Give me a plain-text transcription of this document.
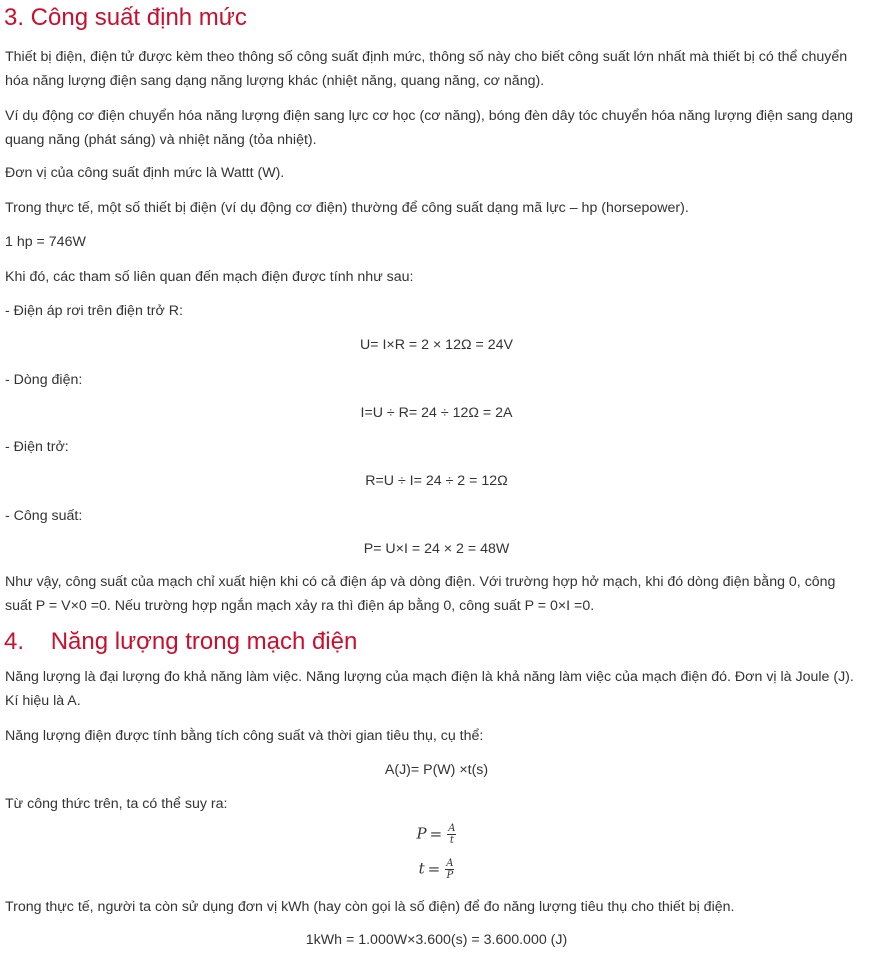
3. Công suất định mức

Thiết bị điện, điện tử được kèm theo thông số công suất định mức, thông số này cho biết công suất lớn nhất mà thiết bị có thể chuyển hóa năng lượng điện sang dạng năng lượng khác (nhiệt năng, quang năng, cơ năng).

Ví dụ động cơ điện chuyển hóa năng lượng điện sang lực cơ học (cơ năng), bóng đèn dây tóc chuyển hóa năng lượng điện sang dạng quang năng (phát sáng) và nhiệt năng (tỏa nhiệt).

Đơn vị của công suất định mức là Wattt (W).

Trong thực tế, một số thiết bị điện (ví dụ động cơ điện) thường để công suất dạng mã lực – hp (horsepower).

1 hp = 746W

Khi đó, các tham số liên quan đến mạch điện được tính như sau:

- Điện áp rơi trên điện trở R:

U= I×R = 2 × 12Ω = 24V

- Dòng điện:

I=U ÷ R= 24 ÷ 12Ω = 2A

- Điện trở:

R=U ÷ I= 24 ÷ 2 = 12Ω

- Công suất:

P= U×I = 24 × 2 = 48W

Như vậy, công suất của mạch chỉ xuất hiện khi có cả điện áp và dòng điện. Với trường hợp hở mạch, khi đó dòng điện bằng 0, công suất P = V×0 =0. Nếu trường hợp ngắn mạch xảy ra thì điện áp bằng 0, công suất P = 0×I =0.

4.    Năng lượng trong mạch điện

Năng lượng là đại lượng đo khả năng làm việc. Năng lượng của mạch điện là khả năng làm việc của mạch điện đó. Đơn vị là Joule (J). Kí hiệu là A.

Năng lượng điện được tính bằng tích công suất và thời gian tiêu thụ, cụ thể:

A(J)= P(W) ×t(s)

Từ công thức trên, ta có thể suy ra:

$P = \frac{A}{t}$
$t = \frac{A}{P}$

Trong thực tế, người ta còn sử dụng đơn vị kWh (hay còn gọi là số điện) để đo năng lượng tiêu thụ cho thiết bị điện.

1kWh = 1.000W×3.600(s) = 3.600.000 (J)
